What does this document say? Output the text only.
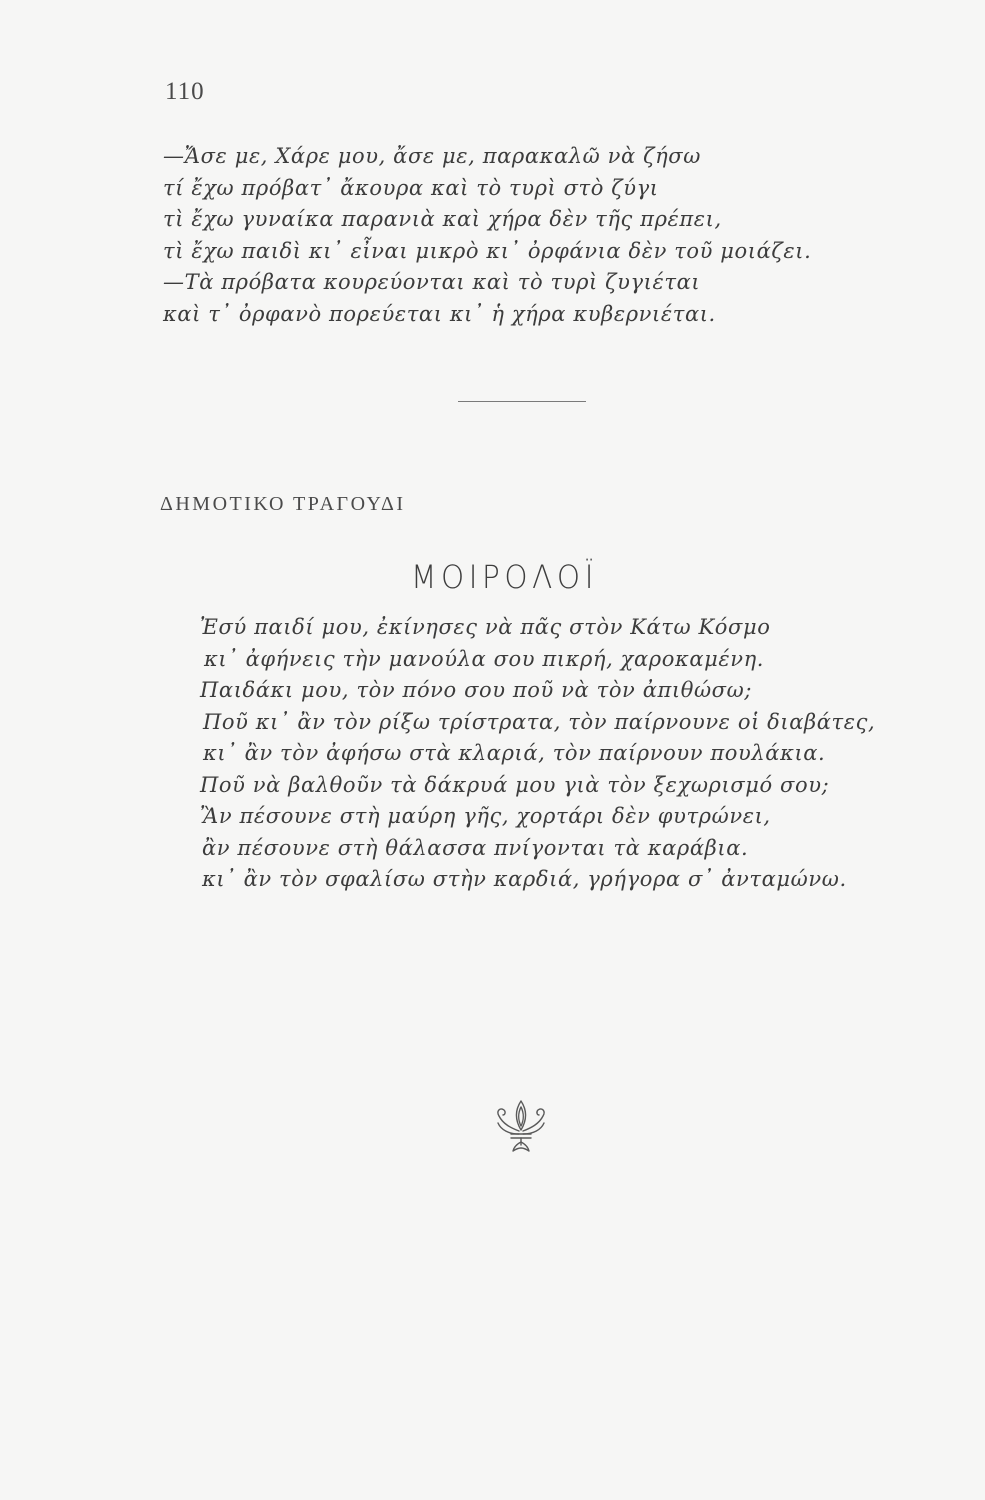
110
—Ἄσε με, Χάρε μου, ἄσε με, παρακαλῶ νὰ ζήσω
τί ἔχω πρόβατ᾿ ἄκουρα καὶ τὸ τυρὶ στὸ ζύγι
τὶ ἔχω γυναίκα παρανιὰ καὶ χήρα δὲν τῆς πρέπει,
τὶ ἔχω παιδὶ κι᾿ εἶναι μικρὸ κι᾿ ὀρφάνια δὲν τοῦ μοιάζει.
—Τὰ πρόβατα κουρεύονται καὶ τὸ τυρὶ ζυγιέται
καὶ τ᾿ ὀρφανὸ πορεύεται κι᾿ ἡ χήρα κυβερνιέται.
ΔΗΜΟΤΙΚΟ ΤΡΑΓΟΥΔΙ
ΜΟΙΡΟΛΟΪ
Ἐσύ παιδί μου, ἐκίνησες νὰ πᾶς στὸν Κάτω Κόσμο
κι᾿ ἀφήνεις τὴν μανούλα σου πικρή, χαροκαμένη.
Παιδάκι μου, τὸν πόνο σου ποῦ νὰ τὸν ἀπιθώσω;
Ποῦ κι᾿ ἂν τὸν ρίξω τρίστρατα, τὸν παίρνουνε οἱ διαβάτες,
κι᾿ ἂν τὸν ἀφήσω στὰ κλαριά, τὸν παίρνουν πουλάκια.
Ποῦ νὰ βαλθοῦν τὰ δάκρυά μου γιὰ τὸν ξεχωρισμό σου;
Ἂν πέσουνε στὴ μαύρη γῆς, χορτάρι δὲν φυτρώνει,
ἂν πέσουνε στὴ θάλασσα πνίγονται τὰ καράβια.
κι᾿ ἂν τὸν σφαλίσω στὴν καρδιά, γρήγορα σ᾿ ἀνταμώνω.
